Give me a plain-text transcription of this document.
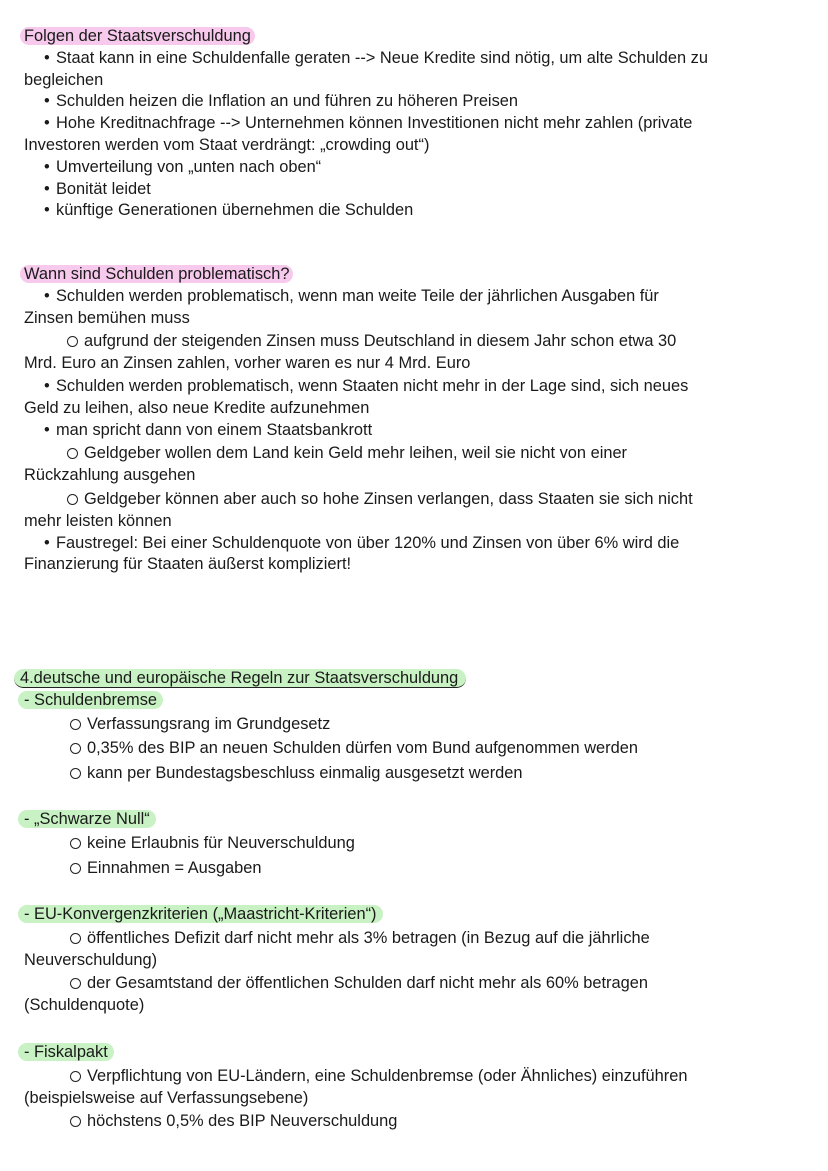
Folgen der Staatsverschuldung

• Staat kann in eine Schuldenfalle geraten --> Neue Kredite sind nötig, um alte Schulden zu

begleichen

• Schulden heizen die Inflation an und führen zu höheren Preisen

• Hohe Kreditnachfrage --> Unternehmen können Investitionen nicht mehr zahlen (private

Investoren werden vom Staat verdrängt: „crowding out“)

• Umverteilung von „unten nach oben“

• Bonität leidet

• künftige Generationen übernehmen die Schulden

Wann sind Schulden problematisch?

• Schulden werden problematisch, wenn man weite Teile der jährlichen Ausgaben für

Zinsen bemühen muss

aufgrund der steigenden Zinsen muss Deutschland in diesem Jahr schon etwa 30

Mrd. Euro an Zinsen zahlen, vorher waren es nur 4 Mrd. Euro

• Schulden werden problematisch, wenn Staaten nicht mehr in der Lage sind, sich neues

Geld zu leihen, also neue Kredite aufzunehmen

• man spricht dann von einem Staatsbankrott

Geldgeber wollen dem Land kein Geld mehr leihen, weil sie nicht von einer

Rückzahlung ausgehen

Geldgeber können aber auch so hohe Zinsen verlangen, dass Staaten sie sich nicht

mehr leisten können

• Faustregel: Bei einer Schuldenquote von über 120% und Zinsen von über 6% wird die

Finanzierung für Staaten äußerst kompliziert!

4.deutsche und europäische Regeln zur Staatsverschuldung

- Schuldenbremse

Verfassungsrang im Grundgesetz

0,35% des BIP an neuen Schulden dürfen vom Bund aufgenommen werden

kann per Bundestagsbeschluss einmalig ausgesetzt werden

- „Schwarze Null“

keine Erlaubnis für Neuverschuldung

Einnahmen = Ausgaben

- EU-Konvergenzkriterien („Maastricht-Kriterien“)

öffentliches Defizit darf nicht mehr als 3% betragen (in Bezug auf die jährliche

Neuverschuldung)

der Gesamtstand der öffentlichen Schulden darf nicht mehr als 60% betragen

(Schuldenquote)

- Fiskalpakt

Verpflichtung von EU-Ländern, eine Schuldenbremse (oder Ähnliches) einzuführen

(beispielsweise auf Verfassungsebene)

höchstens 0,5% des BIP Neuverschuldung
